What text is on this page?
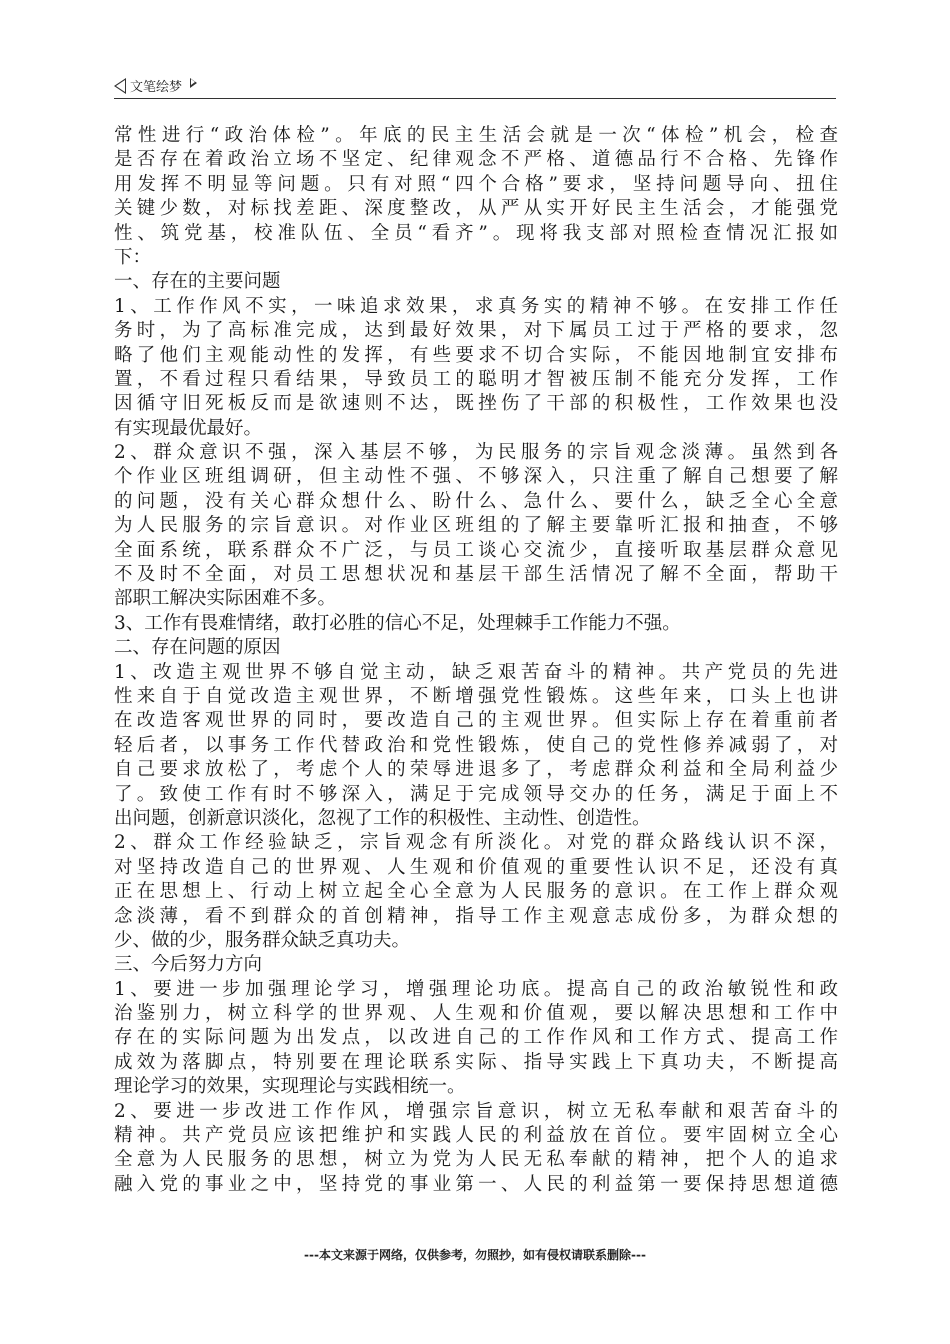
文笔绘梦
常性进行“政治体检”。年底的民主生活会就是一次“体检”机会，检查
是否存在着政治立场不坚定、纪律观念不严格、道德品行不合格、先锋作
用发挥不明显等问题。只有对照“四个合格”要求，坚持问题导向、扭住
关键少数，对标找差距、深度整改，从严从实开好民主生活会，才能强党
性、筑党基，校准队伍、全员“看齐”。现将我支部对照检查情况汇报如
下：
一、存在的主要问题
1、工作作风不实，一味追求效果，求真务实的精神不够。在安排工作任
务时，为了高标准完成，达到最好效果，对下属员工过于严格的要求，忽
略了他们主观能动性的发挥，有些要求不切合实际，不能因地制宜安排布
置，不看过程只看结果，导致员工的聪明才智被压制不能充分发挥，工作
因循守旧死板反而是欲速则不达，既挫伤了干部的积极性，工作效果也没
有实现最优最好。
2、群众意识不强，深入基层不够，为民服务的宗旨观念淡薄。虽然到各
个作业区班组调研，但主动性不强、不够深入，只注重了解自己想要了解
的问题，没有关心群众想什么、盼什么、急什么、要什么，缺乏全心全意
为人民服务的宗旨意识。对作业区班组的了解主要靠听汇报和抽查，不够
全面系统，联系群众不广泛，与员工谈心交流少，直接听取基层群众意见
不及时不全面，对员工思想状况和基层干部生活情况了解不全面，帮助干
部职工解决实际困难不多。
3、工作有畏难情绪，敢打必胜的信心不足，处理棘手工作能力不强。
二、存在问题的原因
1、改造主观世界不够自觉主动，缺乏艰苦奋斗的精神。共产党员的先进
性来自于自觉改造主观世界，不断增强党性锻炼。这些年来，口头上也讲
在改造客观世界的同时，要改造自己的主观世界。但实际上存在着重前者
轻后者，以事务工作代替政治和党性锻炼，使自己的党性修养减弱了，对
自己要求放松了，考虑个人的荣辱进退多了，考虑群众利益和全局利益少
了。致使工作有时不够深入，满足于完成领导交办的任务，满足于面上不
出问题，创新意识淡化，忽视了工作的积极性、主动性、创造性。
2、群众工作经验缺乏，宗旨观念有所淡化。对党的群众路线认识不深，
对坚持改造自己的世界观、人生观和价值观的重要性认识不足，还没有真
正在思想上、行动上树立起全心全意为人民服务的意识。在工作上群众观
念淡薄，看不到群众的首创精神，指导工作主观意志成份多，为群众想的
少、做的少，服务群众缺乏真功夫。
三、今后努力方向
1、要进一步加强理论学习，增强理论功底。提高自己的政治敏锐性和政
治鉴别力，树立科学的世界观、人生观和价值观，要以解决思想和工作中
存在的实际问题为出发点，以改进自己的工作作风和工作方式、提高工作
成效为落脚点，特别要在理论联系实际、指导实践上下真功夫，不断提高
理论学习的效果，实现理论与实践相统一。
2、要进一步改进工作作风，增强宗旨意识，树立无私奉献和艰苦奋斗的
精神。共产党员应该把维护和实践人民的利益放在首位。要牢固树立全心
全意为人民服务的思想，树立为党为人民无私奉献的精神，把个人的追求
融入党的事业之中，坚持党的事业第一、人民的利益第一要保持思想道德
---本文来源于网络，仅供参考，勿照抄，如有侵权请联系删除---
